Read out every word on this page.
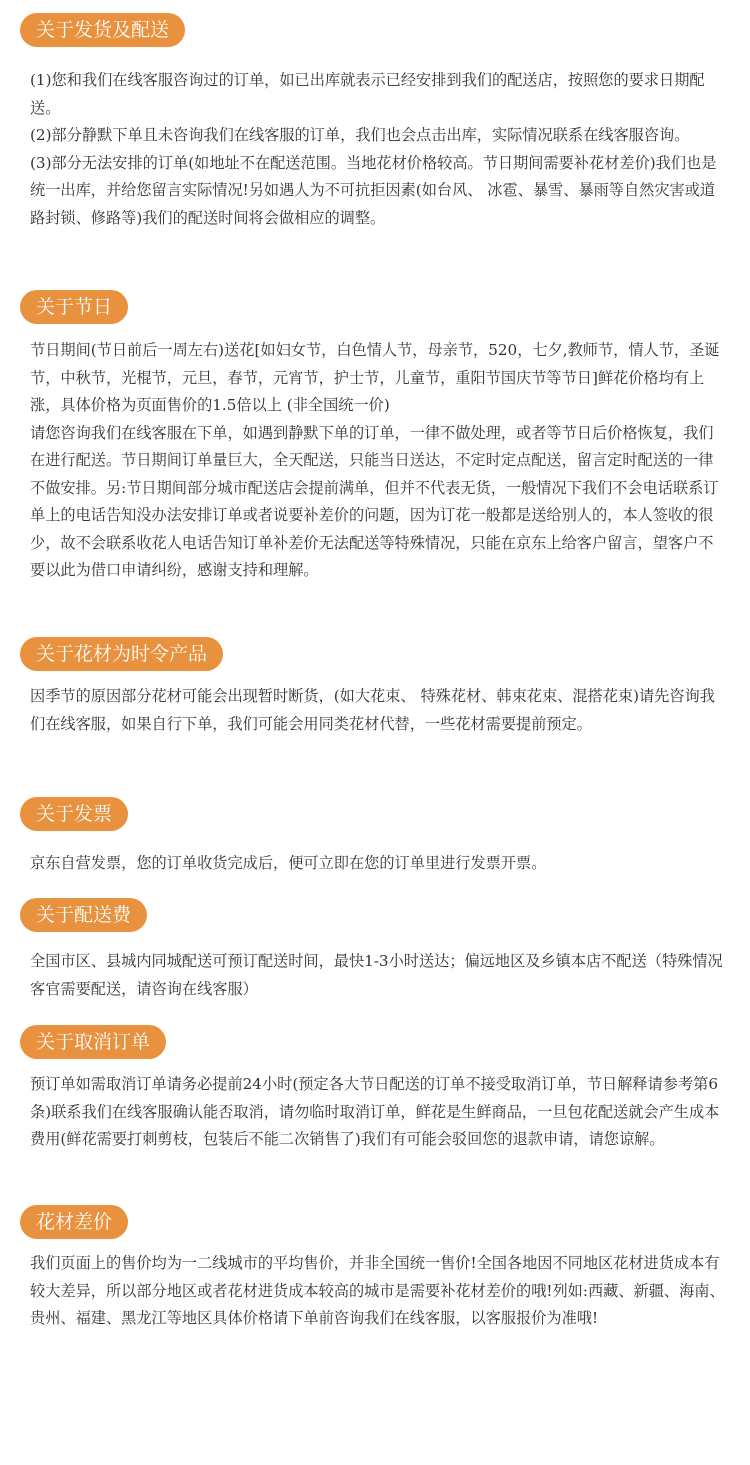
关于发货及配送
(1)您和我们在线客服咨询过的订单，如已出库就表示已经安排到我们的配送店，按照您的要求日期配送。
(2)部分静默下单且未咨询我们在线客服的订单，我们也会点击出库，实际情况联系在线客服咨询。
(3)部分无法安排的订单(如地址不在配送范围。当地花材价格较高。节日期间需要补花材差价)我们也是统一出库，并给您留言实际情况!另如遇人为不可抗拒因素(如台风、 冰雹、暴雪、暴雨等自然灾害或道路封锁、修路等)我们的配送时间将会做相应的调整。
关于节日
节日期间(节日前后一周左右)送花[如妇女节，白色情人节，母亲节，520，七夕,教师节，情人节，圣诞节，中秋节，光棍节，元旦，春节，元宵节，护士节，儿童节，重阳节国庆节等节日]鲜花价格均有上涨，具体价格为页面售价的1.5倍以上 (非全国统一价)
请您咨询我们在线客服在下单，如遇到静默下单的订单，一律不做处理，或者等节日后价格恢复，我们在进行配送。节日期间订单量巨大，全天配送，只能当日送达，不定时定点配送，留言定时配送的一律不做安排。另:节日期间部分城市配送店会提前满单，但并不代表无货，一般情况下我们不会电话联系订单上的电话告知没办法安排订单或者说要补差价的问题，因为订花一般都是送给别人的，本人签收的很少，故不会联系收花人电话告知订单补差价无法配送等特殊情况，只能在京东上给客户留言，望客户不要以此为借口申请纠纷，感谢支持和理解。
关于花材为时令产品
因季节的原因部分花材可能会出现暂时断货，(如大花束、 特殊花材、韩束花束、混搭花束)请先咨询我们在线客服，如果自行下单，我们可能会用同类花材代替，一些花材需要提前预定。
关于发票
京东自营发票，您的订单收货完成后，便可立即在您的订单里进行发票开票。
关于配送费
全国市区、县城内同城配送可预订配送时间，最快1-3小时送达；偏远地区及乡镇本店不配送（特殊情况客官需要配送，请咨询在线客服）
关于取消订单
预订单如需取消订单请务必提前24小时(预定各大节日配送的订单不接受取消订单，节日解释请参考第6条)联系我们在线客服确认能否取消，请勿临时取消订单，鲜花是生鲜商品，一旦包花配送就会产生成本费用(鲜花需要打刺剪枝，包装后不能二次销售了)我们有可能会驳回您的退款申请，请您谅解。
花材差价
我们页面上的售价均为一二线城市的平均售价，并非全国统一售价!全国各地因不同地区花材进货成本有较大差异，所以部分地区或者花材进货成本较高的城市是需要补花材差价的哦!列如:西藏、新疆、海南、贵州、福建、黑龙江等地区具体价格请下单前咨询我们在线客服，以客服报价为准哦!
